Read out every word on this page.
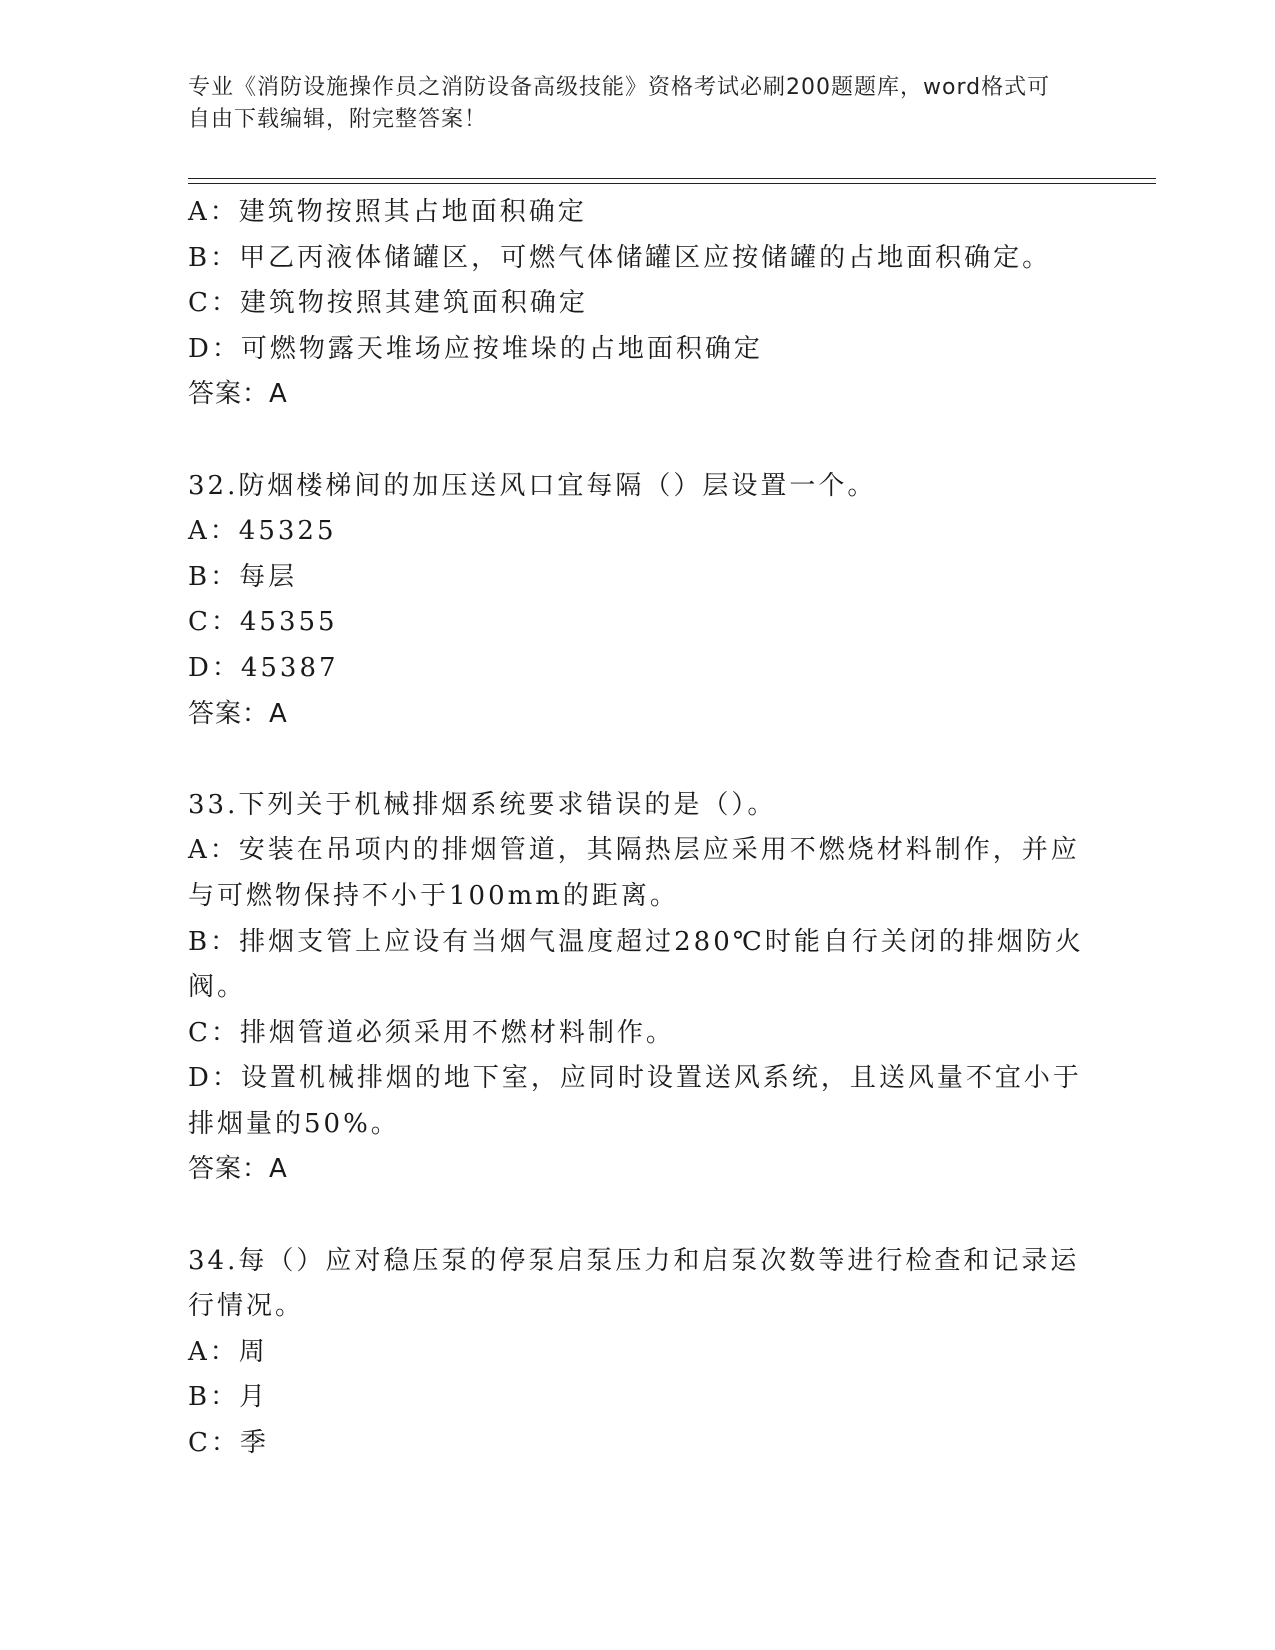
专业《消防设施操作员之消防设备高级技能》资格考试必刷200题题库，word格式可自由下载编辑，附完整答案！

A：建筑物按照其占地面积确定

B：甲乙丙液体储罐区，可燃气体储罐区应按储罐的占地面积确定。

C：建筑物按照其建筑面积确定

D：可燃物露天堆场应按堆垛的占地面积确定

答案：A

32.防烟楼梯间的加压送风口宜每隔（）层设置一个。

A：45325

B：每层

C：45355

D：45387

答案：A

33.下列关于机械排烟系统要求错误的是（）。

A：安装在吊项内的排烟管道，其隔热层应采用不燃烧材料制作，并应与可燃物保持不小于100mm的距离。

B：排烟支管上应设有当烟气温度超过280℃时能自行关闭的排烟防火阀。

C：排烟管道必须采用不燃材料制作。

D：设置机械排烟的地下室，应同时设置送风系统，且送风量不宜小于排烟量的50%。

答案：A

34.每（）应对稳压泵的停泵启泵压力和启泵次数等进行检查和记录运行情况。

A：周

B：月

C：季
